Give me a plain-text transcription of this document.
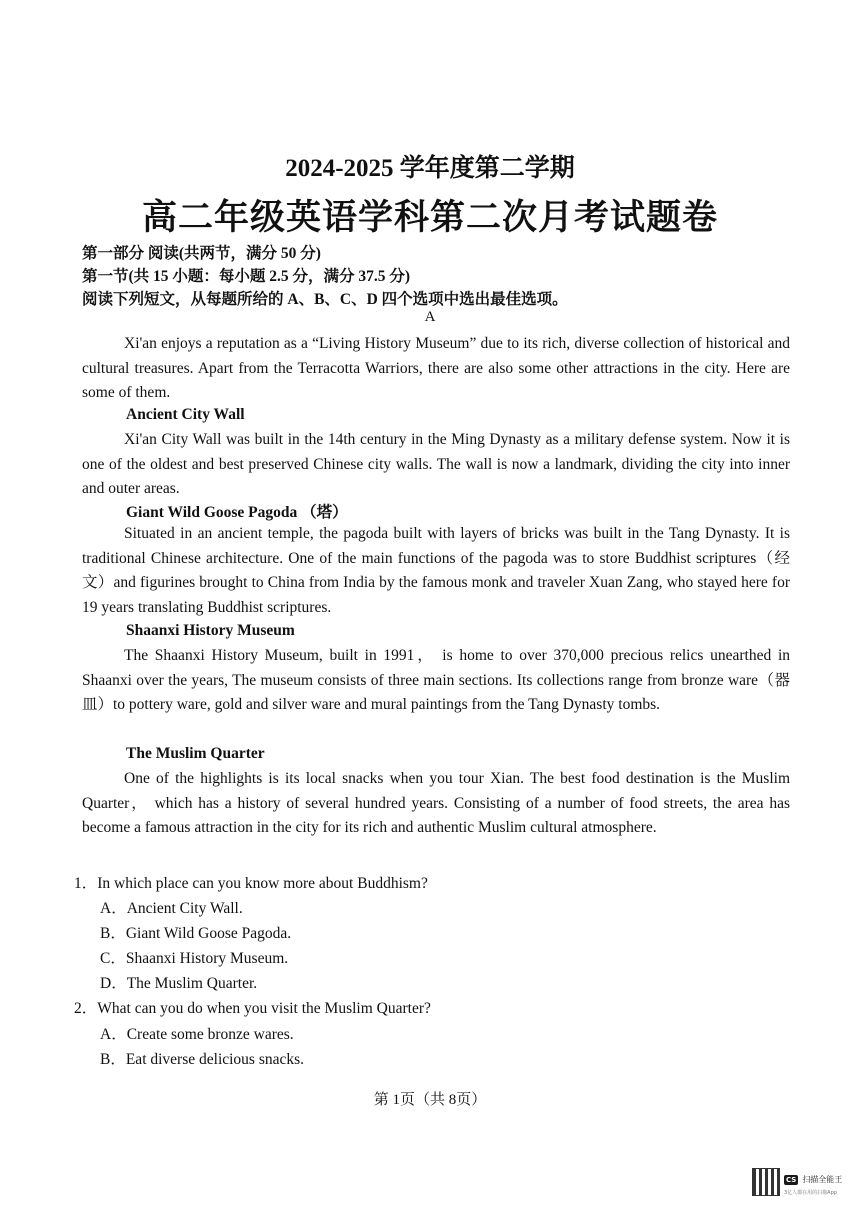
2024-2025 学年度第二学期
高二年级英语学科第二次月考试题卷
第一部分 阅读(共两节，满分 50 分)
第一节(共 15 小题：每小题 2.5 分，满分 37.5 分)
阅读下列短文，从每题所给的 A、B、C、D 四个选项中选出最佳选项。
A
Xi'an enjoys a reputation as a “Living History Museum” due to its rich, diverse collection of historical and cultural treasures. Apart from the Terracotta Warriors, there are also some other attractions in the city. Here are some of them.
Ancient City Wall
Xi'an City Wall was built in the 14th century in the Ming Dynasty as a military defense system. Now it is one of the oldest and best preserved Chinese city walls. The wall is now a landmark, dividing the city into inner and outer areas.
Giant Wild Goose Pagoda （塔）
Situated in an ancient temple, the pagoda built with layers of bricks was built in the Tang Dynasty. It is traditional Chinese architecture. One of the main functions of the pagoda was to store Buddhist scriptures（经文）and figurines brought to China from India by the famous monk and traveler Xuan Zang, who stayed here for 19 years translating Buddhist scriptures.
Shaanxi History Museum
The Shaanxi History Museum, built in 1991， is home to over 370,000 precious relics unearthed in Shaanxi over the years, The museum consists of three main sections. Its collections range from bronze ware（器皿）to pottery ware, gold and silver ware and mural paintings from the Tang Dynasty tombs.
The Muslim Quarter
One of the highlights is its local snacks when you tour Xian. The best food destination is the Muslim Quarter， which has a history of several hundred years. Consisting of a number of food streets, the area has become a famous attraction in the city for its rich and authentic Muslim cultural atmosphere.
1．In which place can you know more about Buddhism?
A．Ancient City Wall.
B．Giant Wild Goose Pagoda.
C．Shaanxi History Museum.
D．The Muslim Quarter.
2．What can you do when you visit the Muslim Quarter?
A．Create some bronze wares.
B．Eat diverse delicious snacks.
第 1页（共 8页）
CS 扫描全能王
3亿人都在用的扫描App
